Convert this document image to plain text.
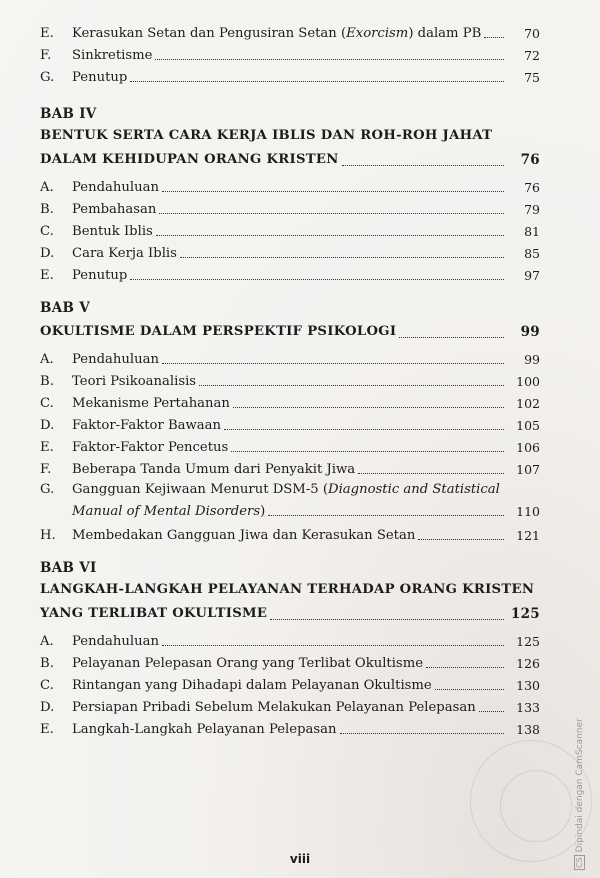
E.	Kerasukan Setan dan Pengusiran Setan (Exorcism) dalam PB	70
F.	Sinkretisme	72
G.	Penutup	75
BAB IV
BENTUK SERTA CARA KERJA IBLIS DAN ROH-ROH JAHAT
DALAM KEHIDUPAN ORANG KRISTEN	76
A.	Pendahuluan	76
B.	Pembahasan	79
C.	Bentuk Iblis	81
D.	Cara Kerja Iblis	85
E.	Penutup	97
BAB V
OKULTISME DALAM PERSPEKTIF PSIKOLOGI	99
A.	Pendahuluan	99
B.	Teori Psikoanalisis	100
C.	Mekanisme Pertahanan	102
D.	Faktor-Faktor Bawaan	105
E.	Faktor-Faktor Pencetus	106
F.	Beberapa Tanda Umum dari Penyakit Jiwa	107
G.	Gangguan Kejiwaan Menurut DSM-5 (Diagnostic and Statistical
Manual of Mental Disorders)	110
H.	Membedakan Gangguan Jiwa dan Kerasukan Setan	121
BAB VI
LANGKAH-LANGKAH PELAYANAN TERHADAP ORANG KRISTEN
YANG TERLIBAT OKULTISME	125
A.	Pendahuluan	125
B.	Pelayanan Pelepasan Orang yang Terlibat Okultisme	126
C.	Rintangan yang Dihadapi dalam Pelayanan Okultisme	130
D.	Persiapan Pribadi Sebelum Melakukan Pelayanan Pelepasan	133
E.	Langkah-Langkah Pelayanan Pelepasan	138
viii	CSDipindai dengan CamScanner
